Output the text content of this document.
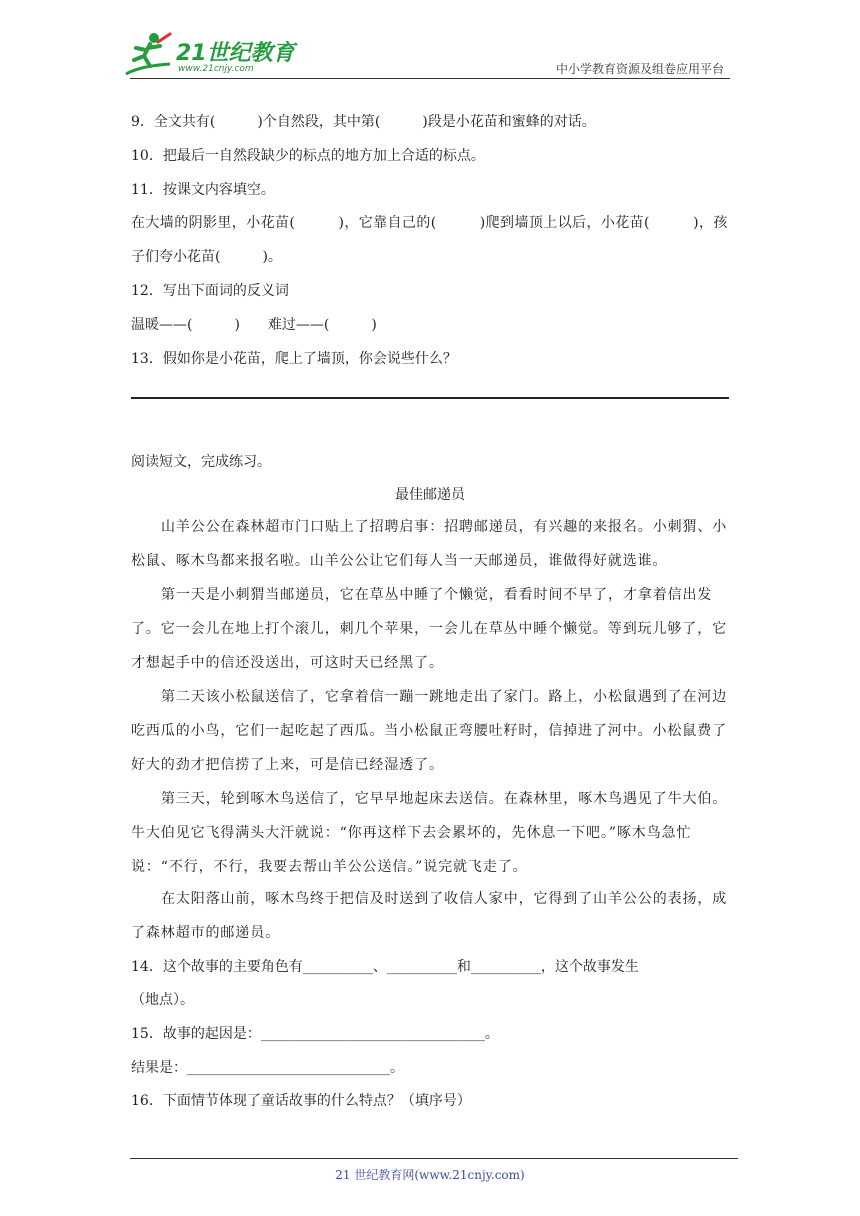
21世纪教育
www.21cnjy.com	中小学教育资源及组卷应用平台
9．全文共有(　　　)个自然段，其中第(　　　)段是小花苗和蜜蜂的对话。
10．把最后一自然段缺少的标点的地方加上合适的标点。
11．按课文内容填空。
在大墙的阴影里，小花苗(　　　)，它靠自己的(　　　)爬到墙顶上以后，小花苗(　　　)，孩
子们夸小花苗(　　　)。
12．写出下面词的反义词
温暖——(　　　)　　难过——(　　　)
13．假如你是小花苗，爬上了墙顶，你会说些什么？
阅读短文，完成练习。
最佳邮递员
山羊公公在森林超市门口贴上了招聘启事：招聘邮递员，有兴趣的来报名。小刺猬、小松鼠、啄木鸟都来报名啦。山羊公公让它们每人当一天邮递员，谁做得好就选谁。
第一天是小刺猬当邮递员，它在草丛中睡了个懒觉，看看时间不早了，才拿着信出发了。它一会儿在地上打个滚儿，刺几个苹果，一会儿在草丛中睡个懒觉。等到玩儿够了，它才想起手中的信还没送出，可这时天已经黑了。
第二天该小松鼠送信了，它拿着信一蹦一跳地走出了家门。路上，小松鼠遇到了在河边吃西瓜的小鸟，它们一起吃起了西瓜。当小松鼠正弯腰吐籽时，信掉进了河中。小松鼠费了好大的劲才把信捞了上来，可是信已经湿透了。
第三天，轮到啄木鸟送信了，它早早地起床去送信。在森林里，啄木鸟遇见了牛大伯。牛大伯见它飞得满头大汗就说：“你再这样下去会累坏的，先休息一下吧。”啄木鸟急忙说：“不行，不行，我要去帮山羊公公送信。”说完就飞走了。
在太阳落山前，啄木鸟终于把信及时送到了收信人家中，它得到了山羊公公的表扬，成了森林超市的邮递员。
14．这个故事的主要角色有__________、__________和__________，这个故事发生
（地点）。
15．故事的起因是：________________________________。
结果是：_____________________________。
16．下面情节体现了童话故事的什么特点？（填序号）
21 世纪教育网(www.21cnjy.com)
